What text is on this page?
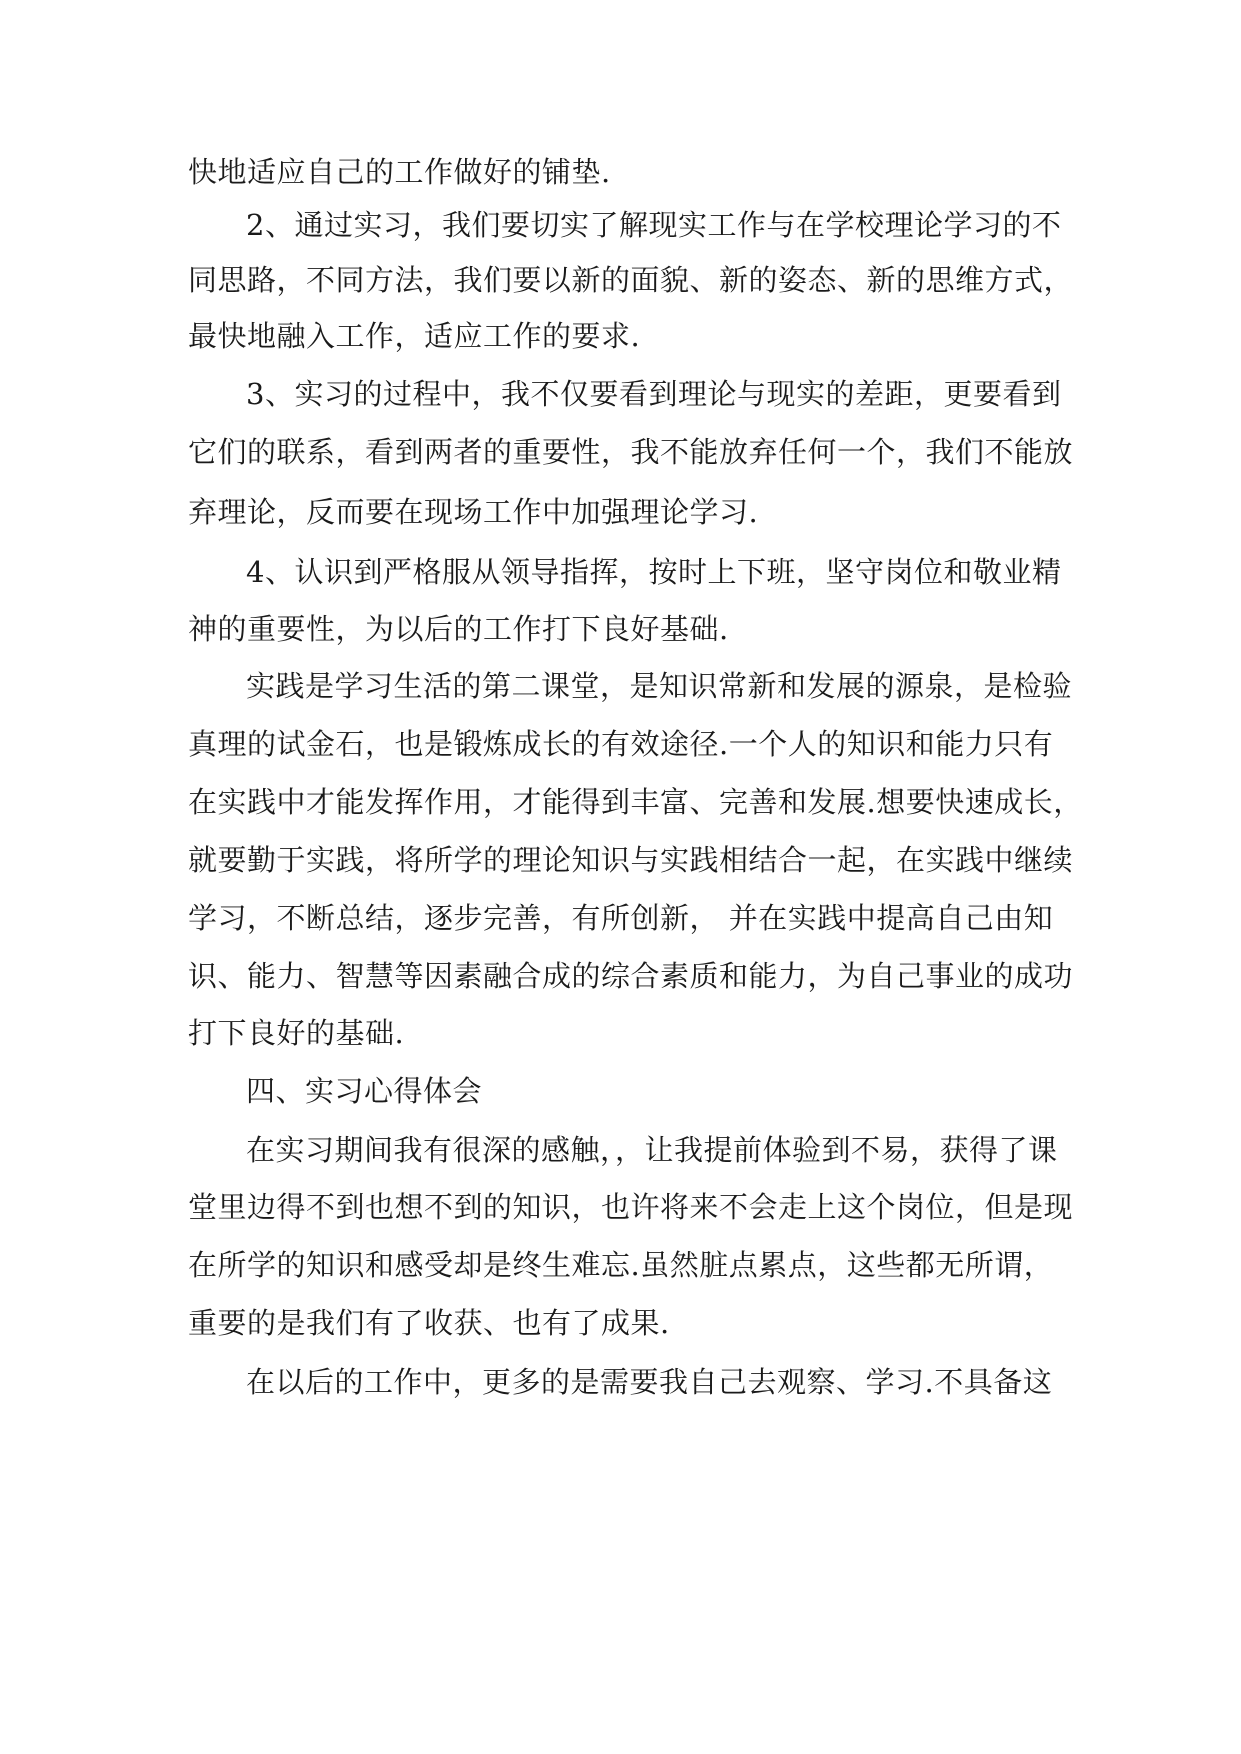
快地适应自己的工作做好的铺垫.
2、通过实习，我们要切实了解现实工作与在学校理论学习的不
同思路，不同方法，我们要以新的面貌、新的姿态、新的思维方式，
最快地融入工作，适应工作的要求.
3、实习的过程中，我不仅要看到理论与现实的差距，更要看到
它们的联系，看到两者的重要性，我不能放弃任何一个，我们不能放
弃理论，反而要在现场工作中加强理论学习.
4、认识到严格服从领导指挥，按时上下班，坚守岗位和敬业精
神的重要性，为以后的工作打下良好基础.
实践是学习生活的第二课堂，是知识常新和发展的源泉，是检验
真理的试金石，也是锻炼成长的有效途径.一个人的知识和能力只有
在实践中才能发挥作用，才能得到丰富、完善和发展.想要快速成长，
就要勤于实践，将所学的理论知识与实践相结合一起，在实践中继续
学习，不断总结，逐步完善，有所创新， 并在实践中提高自己由知
识、能力、智慧等因素融合成的综合素质和能力，为自己事业的成功
打下良好的基础.
四、实习心得体会
在实习期间我有很深的感触，，让我提前体验到不易，获得了课
堂里边得不到也想不到的知识，也许将来不会走上这个岗位，但是现
在所学的知识和感受却是终生难忘.虽然脏点累点，这些都无所谓，
重要的是我们有了收获、也有了成果.
在以后的工作中，更多的是需要我自己去观察、学习.不具备这
